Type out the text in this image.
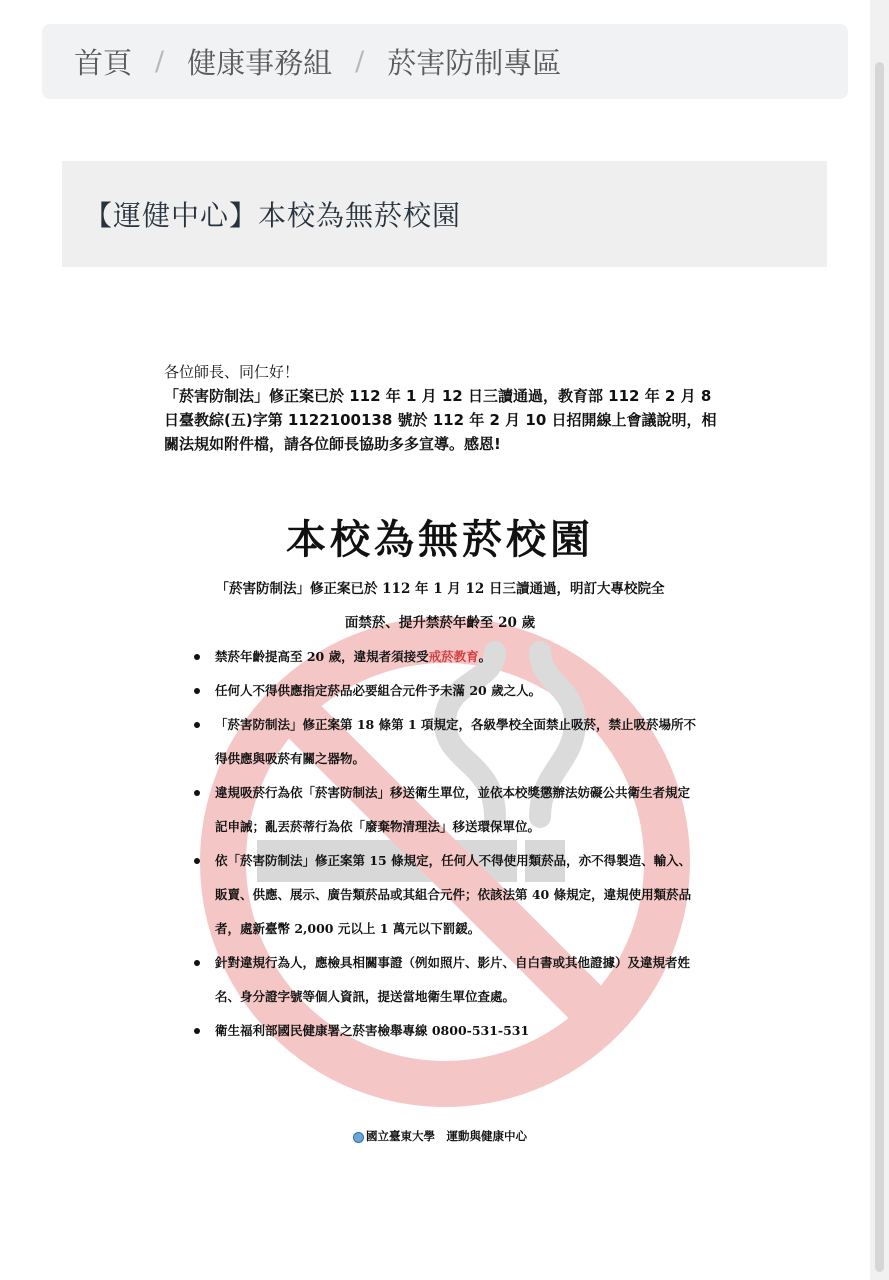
首頁 / 健康事務組 / 菸害防制專區
【運健中心】本校為無菸校園

各位師長、同仁好！

「菸害防制法」修正案已於 112 年 1 月 12 日三讀通過，教育部 112 年 2 月 8 日臺教綜(五)字第 1122100138 號於 112 年 2 月 10 日招開線上會議說明，相關法規如附件檔，請各位師長協助多多宣導。感恩!

本校為無菸校園
「菸害防制法」修正案已於 112 年 1 月 12 日三讀通過，明訂大專校院全
面禁菸、提升禁菸年齡至 20 歲
禁菸年齡提高至 20 歲，違規者須接受戒菸教育。
任何人不得供應指定菸品必要組合元件予未滿 20 歲之人。
「菸害防制法」修正案第 18 條第 1 項規定，各級學校全面禁止吸菸，禁止吸菸場所不得供應與吸菸有關之器物。
違規吸菸行為依「菸害防制法」移送衛生單位，並依本校獎懲辦法妨礙公共衛生者規定記申誡；亂丟菸蒂行為依「廢棄物清理法」移送環保單位。
依「菸害防制法」修正案第 15 條規定，任何人不得使用類菸品，亦不得製造、輸入、販賣、供應、展示、廣告類菸品或其組合元件；依該法第 40 條規定，違規使用類菸品者，處新臺幣 2,000 元以上 1 萬元以下罰鍰。
針對違規行為人，應檢具相關事證（例如照片、影片、自白書或其他證據）及違規者姓名、身分證字號等個人資訊，提送當地衛生單位查處。
衛生福利部國民健康署之菸害檢舉專線 0800-531-531
國立臺東大學　運動與健康中心
